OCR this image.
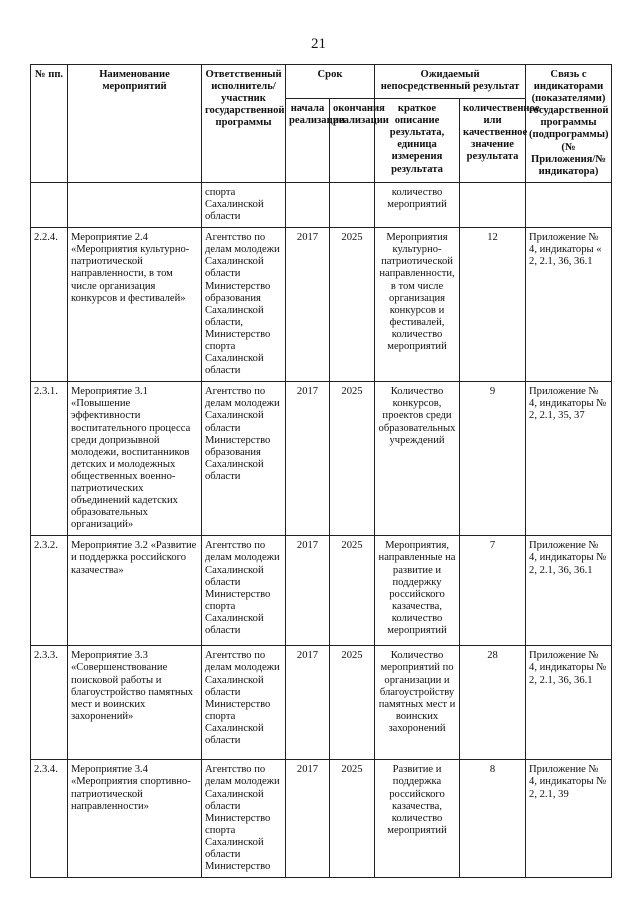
21
№ пп.	Наименование мероприятий	Ответственный исполнитель/участник государственной программы	Срок		Ожидаемый непосредственный результат		Связь с индикаторами (показателями) государственной программы (подпрограммы) (№ Приложения/№ индикатора)
			начала реализации	окончания реализации	краткое описание результата, единица измерения результата	количественное или качественное значение результата	
		спорта Сахалинской области			количество мероприятий		
2.2.4.	Мероприятие 2.4 «Мероприятия культурно-патриотической направленности, в том числе организация конкурсов и фестивалей»	Агентство по делам молодежи Сахалинской области Министерство образования Сахалинской области, Министерство спорта Сахалинской области	2017	2025	Мероприятия культурно-патриотической направленности, в том числе организация конкурсов и фестивалей, количество мероприятий	12	Приложение № 4, индикаторы « 2, 2.1, 36, 36.1
2.3.1.	Мероприятие 3.1 «Повышение эффективности воспитательного процесса среди допризывной молодежи, воспитанников детских и молодежных общественных военно-патриотических объединений кадетских образовательных организаций»	Агентство по делам молодежи Сахалинской области Министерство образования Сахалинской области	2017	2025	Количество конкурсов, проектов среди образовательных учреждений	9	Приложение № 4, индикаторы № 2, 2.1, 35, 37
2.3.2.	Мероприятие 3.2 «Развитие и поддержка российского казачества»	Агентство по делам молодежи Сахалинской области Министерство спорта Сахалинской области	2017	2025	Мероприятия, направленные на развитие и поддержку российского казачества, количество мероприятий	7	Приложение № 4, индикаторы № 2, 2.1, 36, 36.1
2.3.3.	Мероприятие 3.3 «Совершенствование поисковой работы и благоустройство памятных мест и воинских захоронений»	Агентство по делам молодежи Сахалинской области Министерство спорта Сахалинской области	2017	2025	Количество мероприятий по организации и благоустройству памятных мест и воинских захоронений	28	Приложение № 4, индикаторы № 2, 2.1, 36, 36.1
2.3.4.	Мероприятие 3.4 «Мероприятия спортивно-патриотической направленности»	Агентство по делам молодежи Сахалинской области Министерство спорта Сахалинской области Министерство	2017	2025	Развитие и поддержка российского казачества, количество мероприятий	8	Приложение № 4, индикаторы № 2, 2.1, 39
